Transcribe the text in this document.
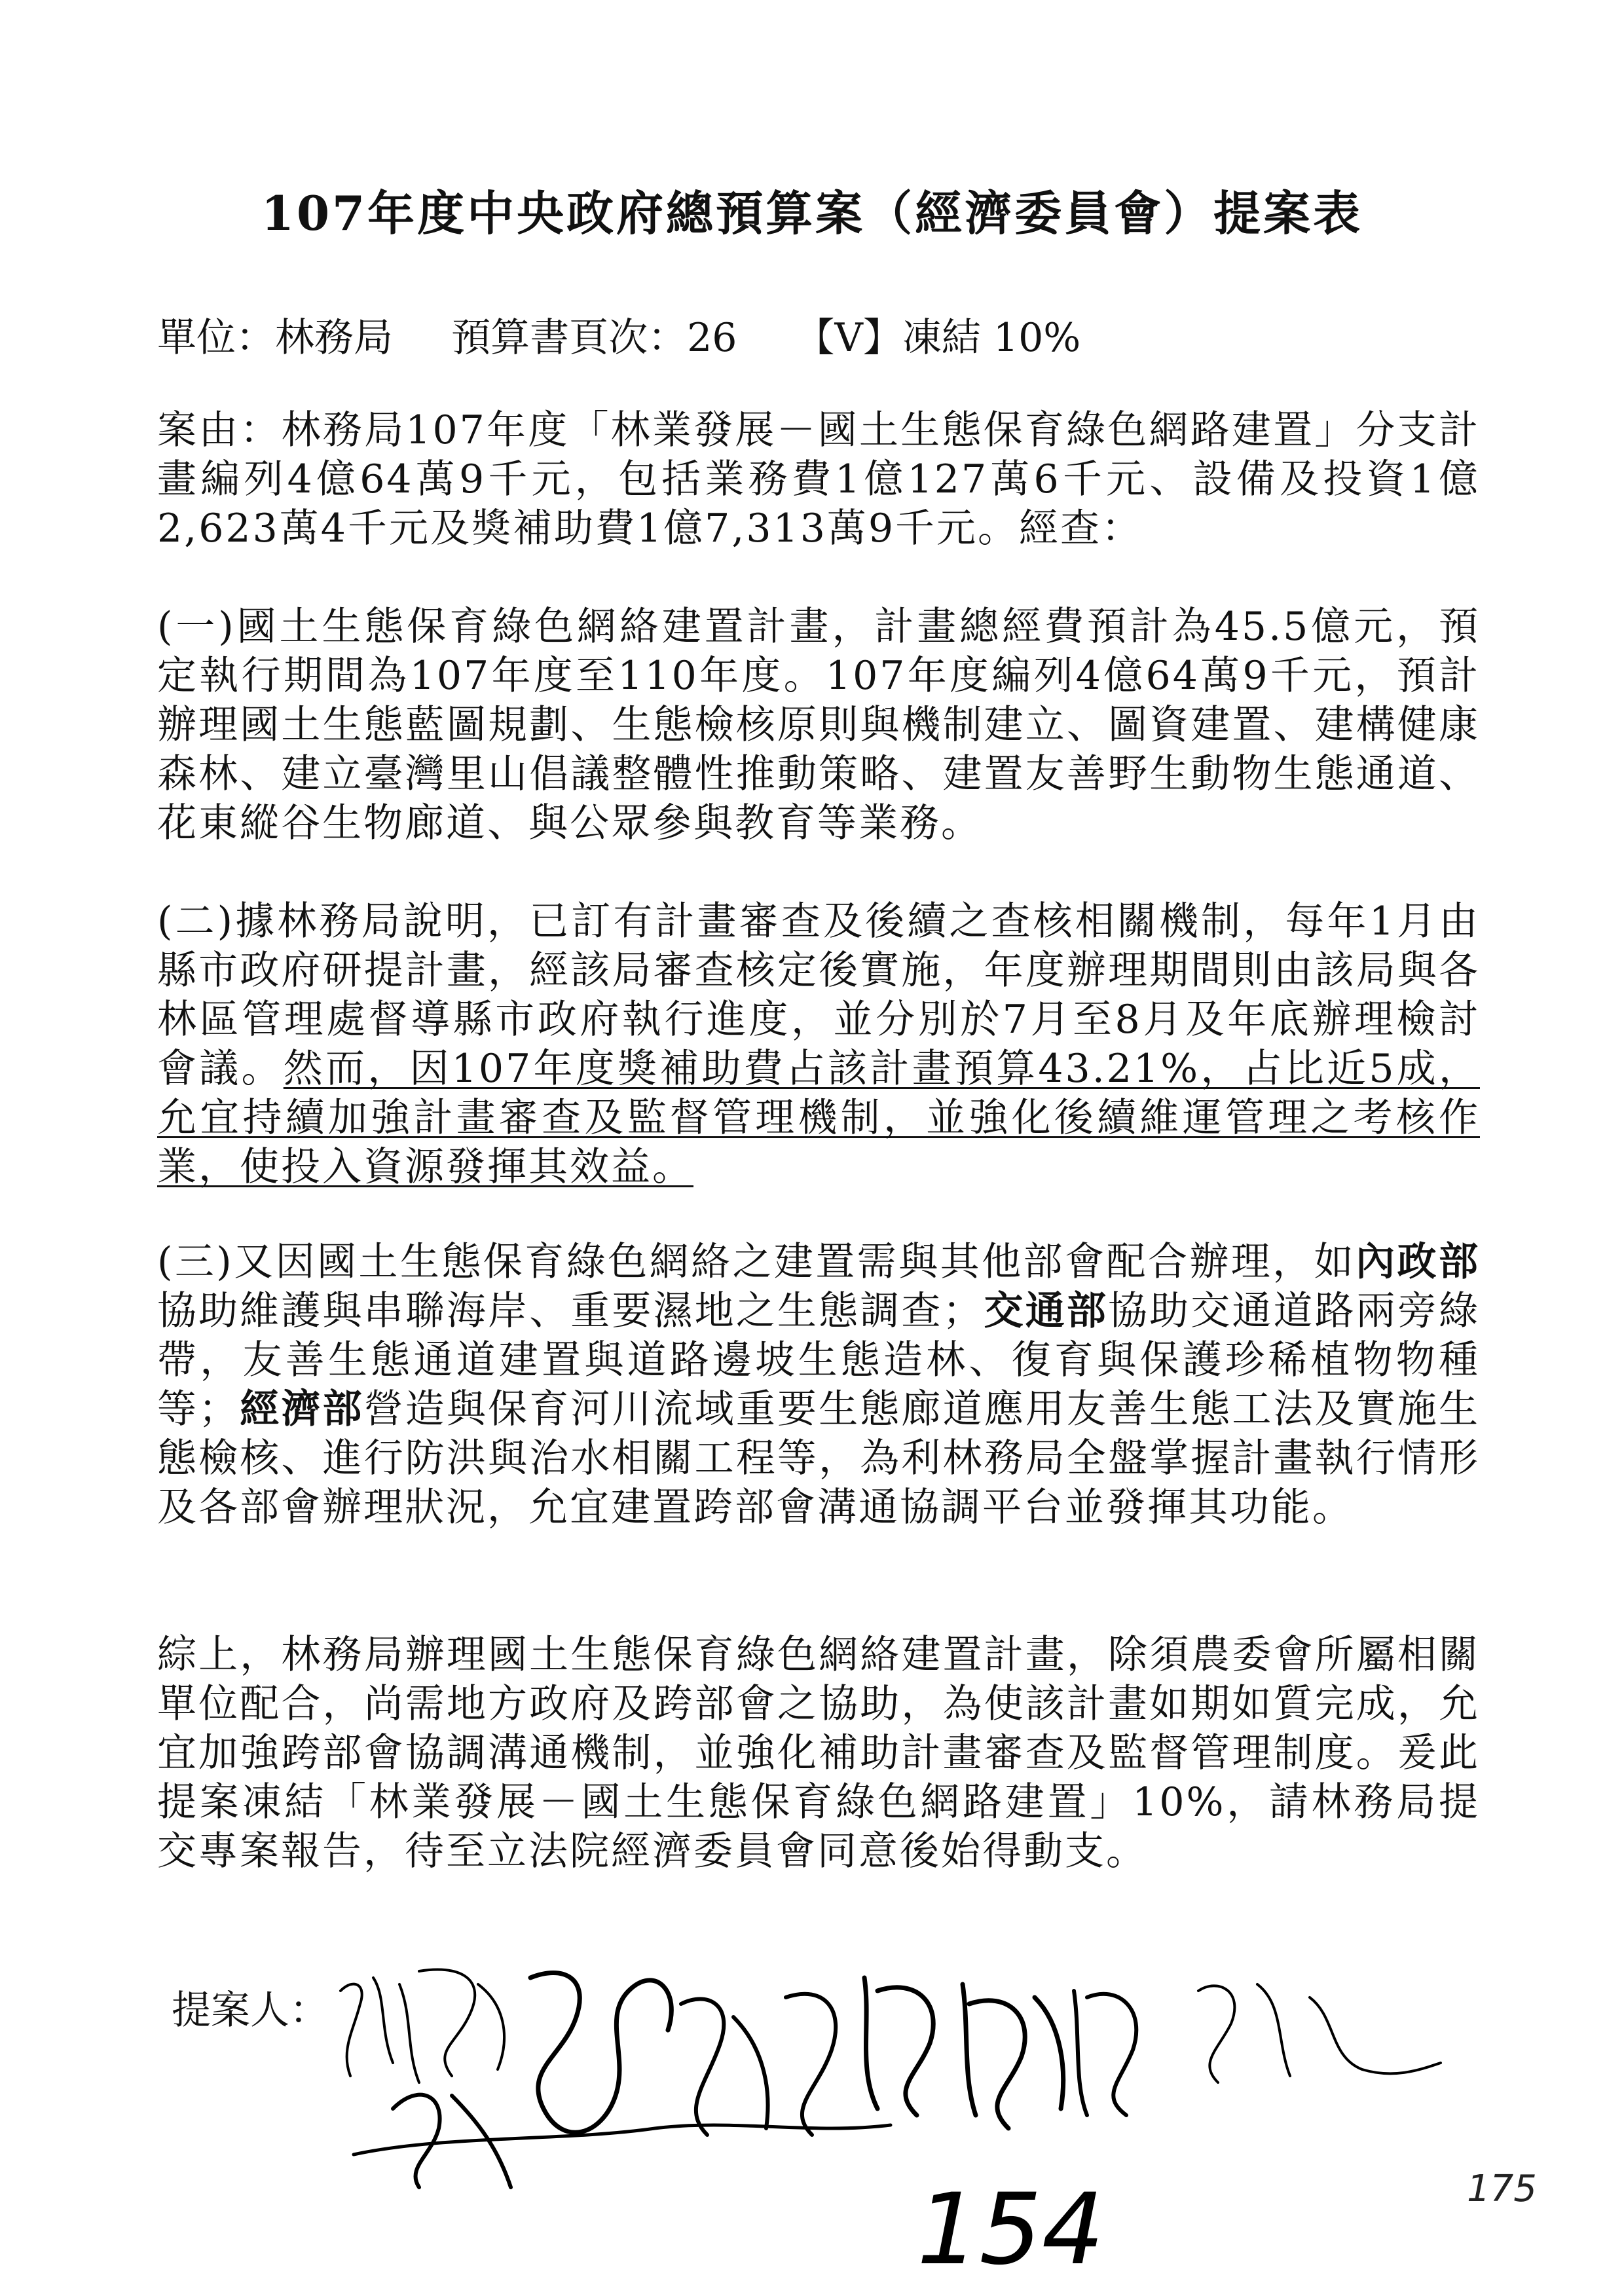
107年度中央政府總預算案（經濟委員會）提案表
單位：林務局 預算書頁次：26 【V】凍結 10%
案由：林務局107年度「林業發展－國土生態保育綠色網路建置」分支計畫編列4億64萬9千元，包括業務費1億127萬6千元、設備及投資1億2,623萬4千元及獎補助費1億7,313萬9千元。經查：
(一)國土生態保育綠色網絡建置計畫，計畫總經費預計為45.5億元，預定執行期間為107年度至110年度。107年度編列4億64萬9千元，預計辦理國土生態藍圖規劃、生態檢核原則與機制建立、圖資建置、建構健康森林、建立臺灣里山倡議整體性推動策略、建置友善野生動物生態通道、花東縱谷生物廊道、與公眾參與教育等業務。
(二)據林務局說明，已訂有計畫審查及後續之查核相關機制，每年1月由縣市政府研提計畫，經該局審查核定後實施，年度辦理期間則由該局與各林區管理處督導縣市政府執行進度，並分別於7月至8月及年底辦理檢討會議。然而，因107年度獎補助費占該計畫預算43.21%，占比近5成，允宜持續加強計畫審查及監督管理機制，並強化後續維運管理之考核作業，使投入資源發揮其效益。
(三)又因國土生態保育綠色網絡之建置需與其他部會配合辦理，如內政部協助維護與串聯海岸、重要濕地之生態調查；交通部協助交通道路兩旁綠帶，友善生態通道建置與道路邊坡生態造林、復育與保護珍稀植物物種等；經濟部營造與保育河川流域重要生態廊道應用友善生態工法及實施生態檢核、進行防洪與治水相關工程等，為利林務局全盤掌握計畫執行情形及各部會辦理狀況，允宜建置跨部會溝通協調平台並發揮其功能。
綜上，林務局辦理國土生態保育綠色網絡建置計畫，除須農委會所屬相關單位配合，尚需地方政府及跨部會之協助，為使該計畫如期如質完成，允宜加強跨部會協調溝通機制，並強化補助計畫審查及監督管理制度。爰此提案凍結「林業發展－國土生態保育綠色網路建置」10%，請林務局提交專案報告，待至立法院經濟委員會同意後始得動支。
提案人：
154	175
